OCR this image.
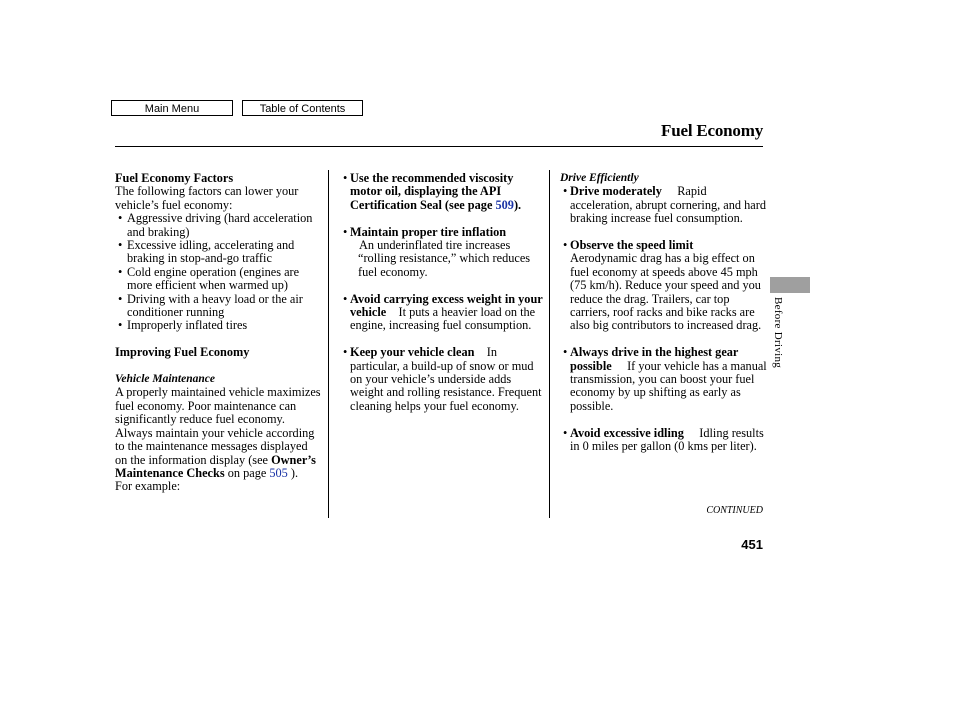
Main Menu	Table of Contents
Fuel Economy

Fuel Economy Factors

The following factors can lower your vehicle’s fuel economy:

• Aggressive driving (hard acceleration and braking)
• Excessive idling, accelerating and braking in stop-and-go traffic
• Cold engine operation (engines are more efficient when warmed up)
• Driving with a heavy load or the air conditioner running
• Improperly inflated tires

Improving Fuel Economy

Vehicle Maintenance

A properly maintained vehicle maximizes fuel economy. Poor maintenance can significantly reduce fuel economy. Always maintain your vehicle according to the maintenance messages displayed on the information display (see Owner’s Maintenance Checks on page 505 ).

For example:

• Use the recommended viscosity motor oil, displaying the API Certification Seal (see page 509).
• Maintain proper tire inflation
An underinflated tire increases “rolling resistance,” which reduces fuel economy.
• Avoid carrying excess weight in your vehicle It puts a heavier load on the engine, increasing fuel consumption.
• Keep your vehicle clean In particular, a build-up of snow or mud on your vehicle’s underside adds weight and rolling resistance. Frequent cleaning helps your fuel economy.

Drive Efficiently

• Drive moderately Rapid acceleration, abrupt cornering, and hard braking increase fuel consumption.
• Observe the speed limit
Aerodynamic drag has a big effect on fuel economy at speeds above 45 mph (75 km/h). Reduce your speed and you reduce the drag. Trailers, car top carriers, roof racks and bike racks are also big contributors to increased drag.
• Always drive in the highest gear possible If your vehicle has a manual transmission, you can boost your fuel economy by up shifting as early as possible.
• Avoid excessive idling Idling results in 0 miles per gallon (0 kms per liter).
CONTINUED
451
Before Driving
